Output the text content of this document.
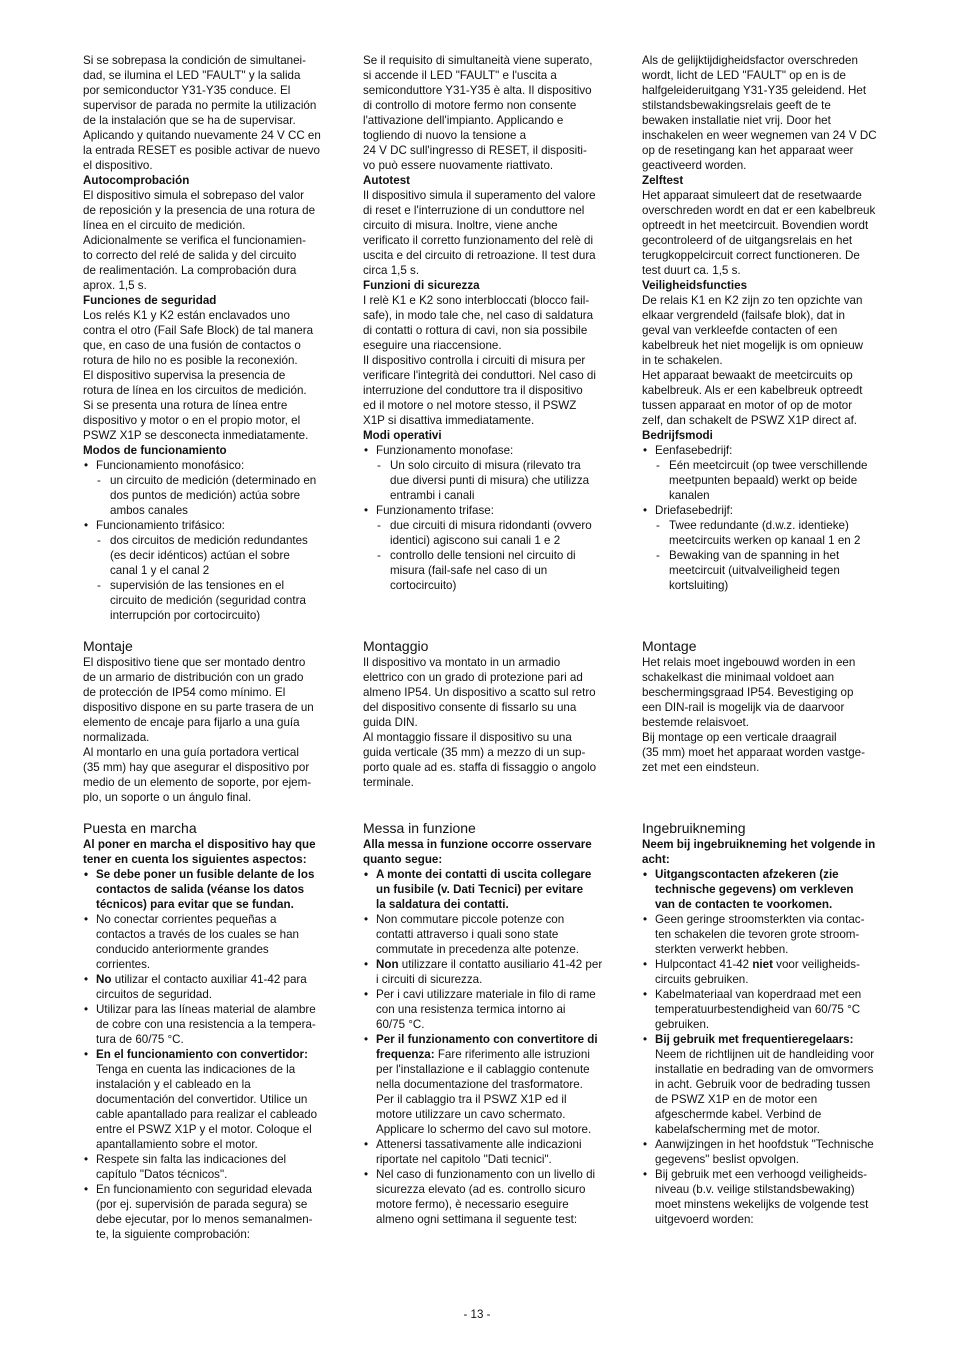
Si se sobrepasa la condición de simultanei-
dad, se ilumina el LED "FAULT" y la salida
por semiconductor Y31-Y35 conduce. El
supervisor de parada no permite la utilización
de la instalación que se ha de supervisar.
Aplicando y quitando nuevamente 24 V CC en
la entrada RESET es posible activar de nuevo
el dispositivo.

Autocomprobación

El dispositivo simula el sobrepaso del valor
de reposición y la presencia de una rotura de
línea en el circuito de medición.
Adicionalmente se verifica el funcionamien-
to correcto del relé de salida y del circuito
de realimentación. La comprobación dura
aprox. 1,5 s.

Funciones de seguridad

Los relés K1 y K2 están enclavados uno
contra el otro (Fail Safe Block) de tal manera
que, en caso de una fusión de contactos o
rotura de hilo no es posible la reconexión.
El dispositivo supervisa la presencia de
rotura de línea en los circuitos de medición.
Si se presenta una rotura de línea entre
dispositivo y motor o en el propio motor, el
PSWZ X1P se desconecta inmediatamente.

Modos de funcionamiento

• Funcionamiento monofásico:
- un circuito de medición (determinado en
dos puntos de medición) actúa sobre
ambos canales
• Funcionamiento trifásico:
- dos circuitos de medición redundantes
(es decir idénticos) actúan el sobre
canal 1 y el canal 2
- supervisión de las tensiones en el
circuito de medición (seguridad contra
interrupción por cortocircuito)
Montaje

El dispositivo tiene que ser montado dentro
de un armario de distribución con un grado
de protección de IP54 como mínimo. El
dispositivo dispone en su parte trasera de un
elemento de encaje para fijarlo a una guía
normalizada.
Al montarlo en una guía portadora vertical
(35 mm) hay que asegurar el dispositivo por
medio de un elemento de soporte, por ejem-
plo, un soporte o un ángulo final.

Puesta en marcha

Al poner en marcha el dispositivo hay que
tener en cuenta los siguientes aspectos:

• Se debe poner un fusible delante de los
contactos de salida (véanse los datos
técnicos) para evitar que se fundan.
• No conectar corrientes pequeñas a
contactos a través de los cuales se han
conducido anteriormente grandes
corrientes.
• No utilizar el contacto auxiliar 41-42 para
circuitos de seguridad.
• Utilizar para las líneas material de alambre
de cobre con una resistencia a la tempera-
tura de 60/75 °C.
• En el funcionamiento con convertidor:
Tenga en cuenta las indicaciones de la
instalación y el cableado en la
documentación del convertidor. Utilice un
cable apantallado para realizar el cableado
entre el PSWZ X1P y el motor. Coloque el
apantallamiento sobre el motor.
• Respete sin falta las indicaciones del
capítulo "Datos técnicos".
• En funcionamiento con seguridad elevada
(por ej. supervisión de parada segura) se
debe ejecutar, por lo menos semanalmen-
te, la siguiente comprobación:

Se il requisito di simultaneità viene superato,
si accende il LED "FAULT" e l'uscita a
semiconduttore Y31-Y35 è alta. Il dispositivo
di controllo di motore fermo non consente
l'attivazione dell'impianto. Applicando e
togliendo di nuovo la tensione a
24 V DC sull'ingresso di RESET, il dispositi-
vo può essere nuovamente riattivato.

Autotest

Il dispositivo simula il superamento del valore
di reset e l'interruzione di un conduttore nel
circuito di misura. Inoltre, viene anche
verificato il corretto funzionamento del relè di
uscita e del circuito di retroazione. Il test dura
circa 1,5 s.

Funzioni di sicurezza

I relè K1 e K2 sono interbloccati (blocco fail-
safe), in modo tale che, nel caso di saldatura
di contatti o rottura di cavi, non sia possibile
eseguire una riaccensione.
Il dispositivo controlla i circuiti di misura per
verificare l'integrità dei conduttori. Nel caso di
interruzione del conduttore tra il dispositivo
ed il motore o nel motore stesso, il PSWZ
X1P si disattiva immediatamente.

Modi operativi

• Funzionamento monofase:
- Un solo circuito di misura (rilevato tra
due diversi punti di misura) che utilizza
entrambi i canali
• Funzionamento trifase:
- due circuiti di misura ridondanti (ovvero
identici) agiscono sui canali 1 e 2
- controllo delle tensioni nel circuito di
misura (fail-safe nel caso di un
cortocircuito)
Montaggio

Il dispositivo va montato in un armadio
elettrico con un grado di protezione pari ad
almeno IP54. Un dispositivo a scatto sul retro
del dispositivo consente di fissarlo su una
guida DIN.
Al montaggio fissare il dispositivo su una
guida verticale (35 mm) a mezzo di un sup-
porto quale ad es. staffa di fissaggio o angolo
terminale.

Messa in funzione

Alla messa in funzione occorre osservare
quanto segue:

• A monte dei contatti di uscita collegare
un fusibile (v. Dati Tecnici) per evitare
la saldatura dei contatti.
• Non commutare piccole potenze con
contatti attraverso i quali sono state
commutate in precedenza alte potenze.
• Non utilizzare il contatto ausiliario 41-42 per
i circuiti di sicurezza.
• Per i cavi utilizzare materiale in filo di rame
con una resistenza termica intorno ai
60/75 °C.
• Per il funzionamento con convertitore di
frequenza: Fare riferimento alle istruzioni
per l'installazione e il cablaggio contenute
nella documentazione del trasformatore.
Per il cablaggio tra il PSWZ X1P ed il
motore utilizzare un cavo schermato.
Applicare lo schermo del cavo sul motore.
• Attenersi tassativamente alle indicazioni
riportate nel capitolo "Dati tecnici".
• Nel caso di funzionamento con un livello di
sicurezza elevato (ad es. controllo sicuro
motore fermo), è necessario eseguire
almeno ogni settimana il seguente test:

Als de gelijktijdigheidsfactor overschreden
wordt, licht de LED "FAULT" op en is de
halfgeleideruitgang Y31-Y35 geleidend. Het
stilstandsbewakingsrelais geeft de te
bewaken installatie niet vrij. Door het
inschakelen en weer wegnemen van 24 V DC
op de resetingang kan het apparaat weer
geactiveerd worden.

Zelftest

Het apparaat simuleert dat de resetwaarde
overschreden wordt en dat er een kabelbreuk
optreedt in het meetcircuit. Bovendien wordt
gecontroleerd of de uitgangsrelais en het
terugkoppelcircuit correct functioneren. De
test duurt ca. 1,5 s.

Veiligheidsfuncties

De relais K1 en K2 zijn zo ten opzichte van
elkaar vergrendeld (failsafe blok), dat in
geval van verkleefde contacten of een
kabelbreuk het niet mogelijk is om opnieuw
in te schakelen.
Het apparaat bewaakt de meetcircuits op
kabelbreuk. Als er een kabelbreuk optreedt
tussen apparaat en motor of op de motor
zelf, dan schakelt de PSWZ X1P direct af.

Bedrijfsmodi

• Eenfasebedrijf:
- Eén meetcircuit (op twee verschillende
meetpunten bepaald) werkt op beide
kanalen
• Driefasebedrijf:
- Twee redundante (d.w.z. identieke)
meetcircuits werken op kanaal 1 en 2
- Bewaking van de spanning in het
meetcircuit (uitvalveiligheid tegen
kortsluiting)
Montage

Het relais moet ingebouwd worden in een
schakelkast die minimaal voldoet aan
beschermingsgraad IP54. Bevestiging op
een DIN-rail is mogelijk via de daarvoor
bestemde relaisvoet.
Bij montage op een verticale draagrail
(35 mm) moet het apparaat worden vastge-
zet met een eindsteun.

Ingebruikneming

Neem bij ingebruikneming het volgende in
acht:

• Uitgangscontacten afzekeren (zie
technische gegevens) om verkleven
van de contacten te voorkomen.
• Geen geringe stroomsterkten via contac-
ten schakelen die tevoren grote stroom-
sterkten verwerkt hebben.
• Hulpcontact 41-42 niet voor veiligheids-
circuits gebruiken.
• Kabelmateriaal van koperdraad met een
temperatuurbestendigheid van 60/75 °C
gebruiken.
• Bij gebruik met frequentieregelaars:
Neem de richtlijnen uit de handleiding voor
installatie en bedrading van de omvormers
in acht. Gebruik voor de bedrading tussen
de PSWZ X1P en de motor een
afgeschermde kabel. Verbind de
kabelafscherming met de motor.
• Aanwijzingen in het hoofdstuk "Technische
gegevens" beslist opvolgen.
• Bij gebruik met een verhoogd veiligheids-
niveau (b.v. veilige stilstandsbewaking)
moet minstens wekelijks de volgende test
uitgevoerd worden:
- 13 -
